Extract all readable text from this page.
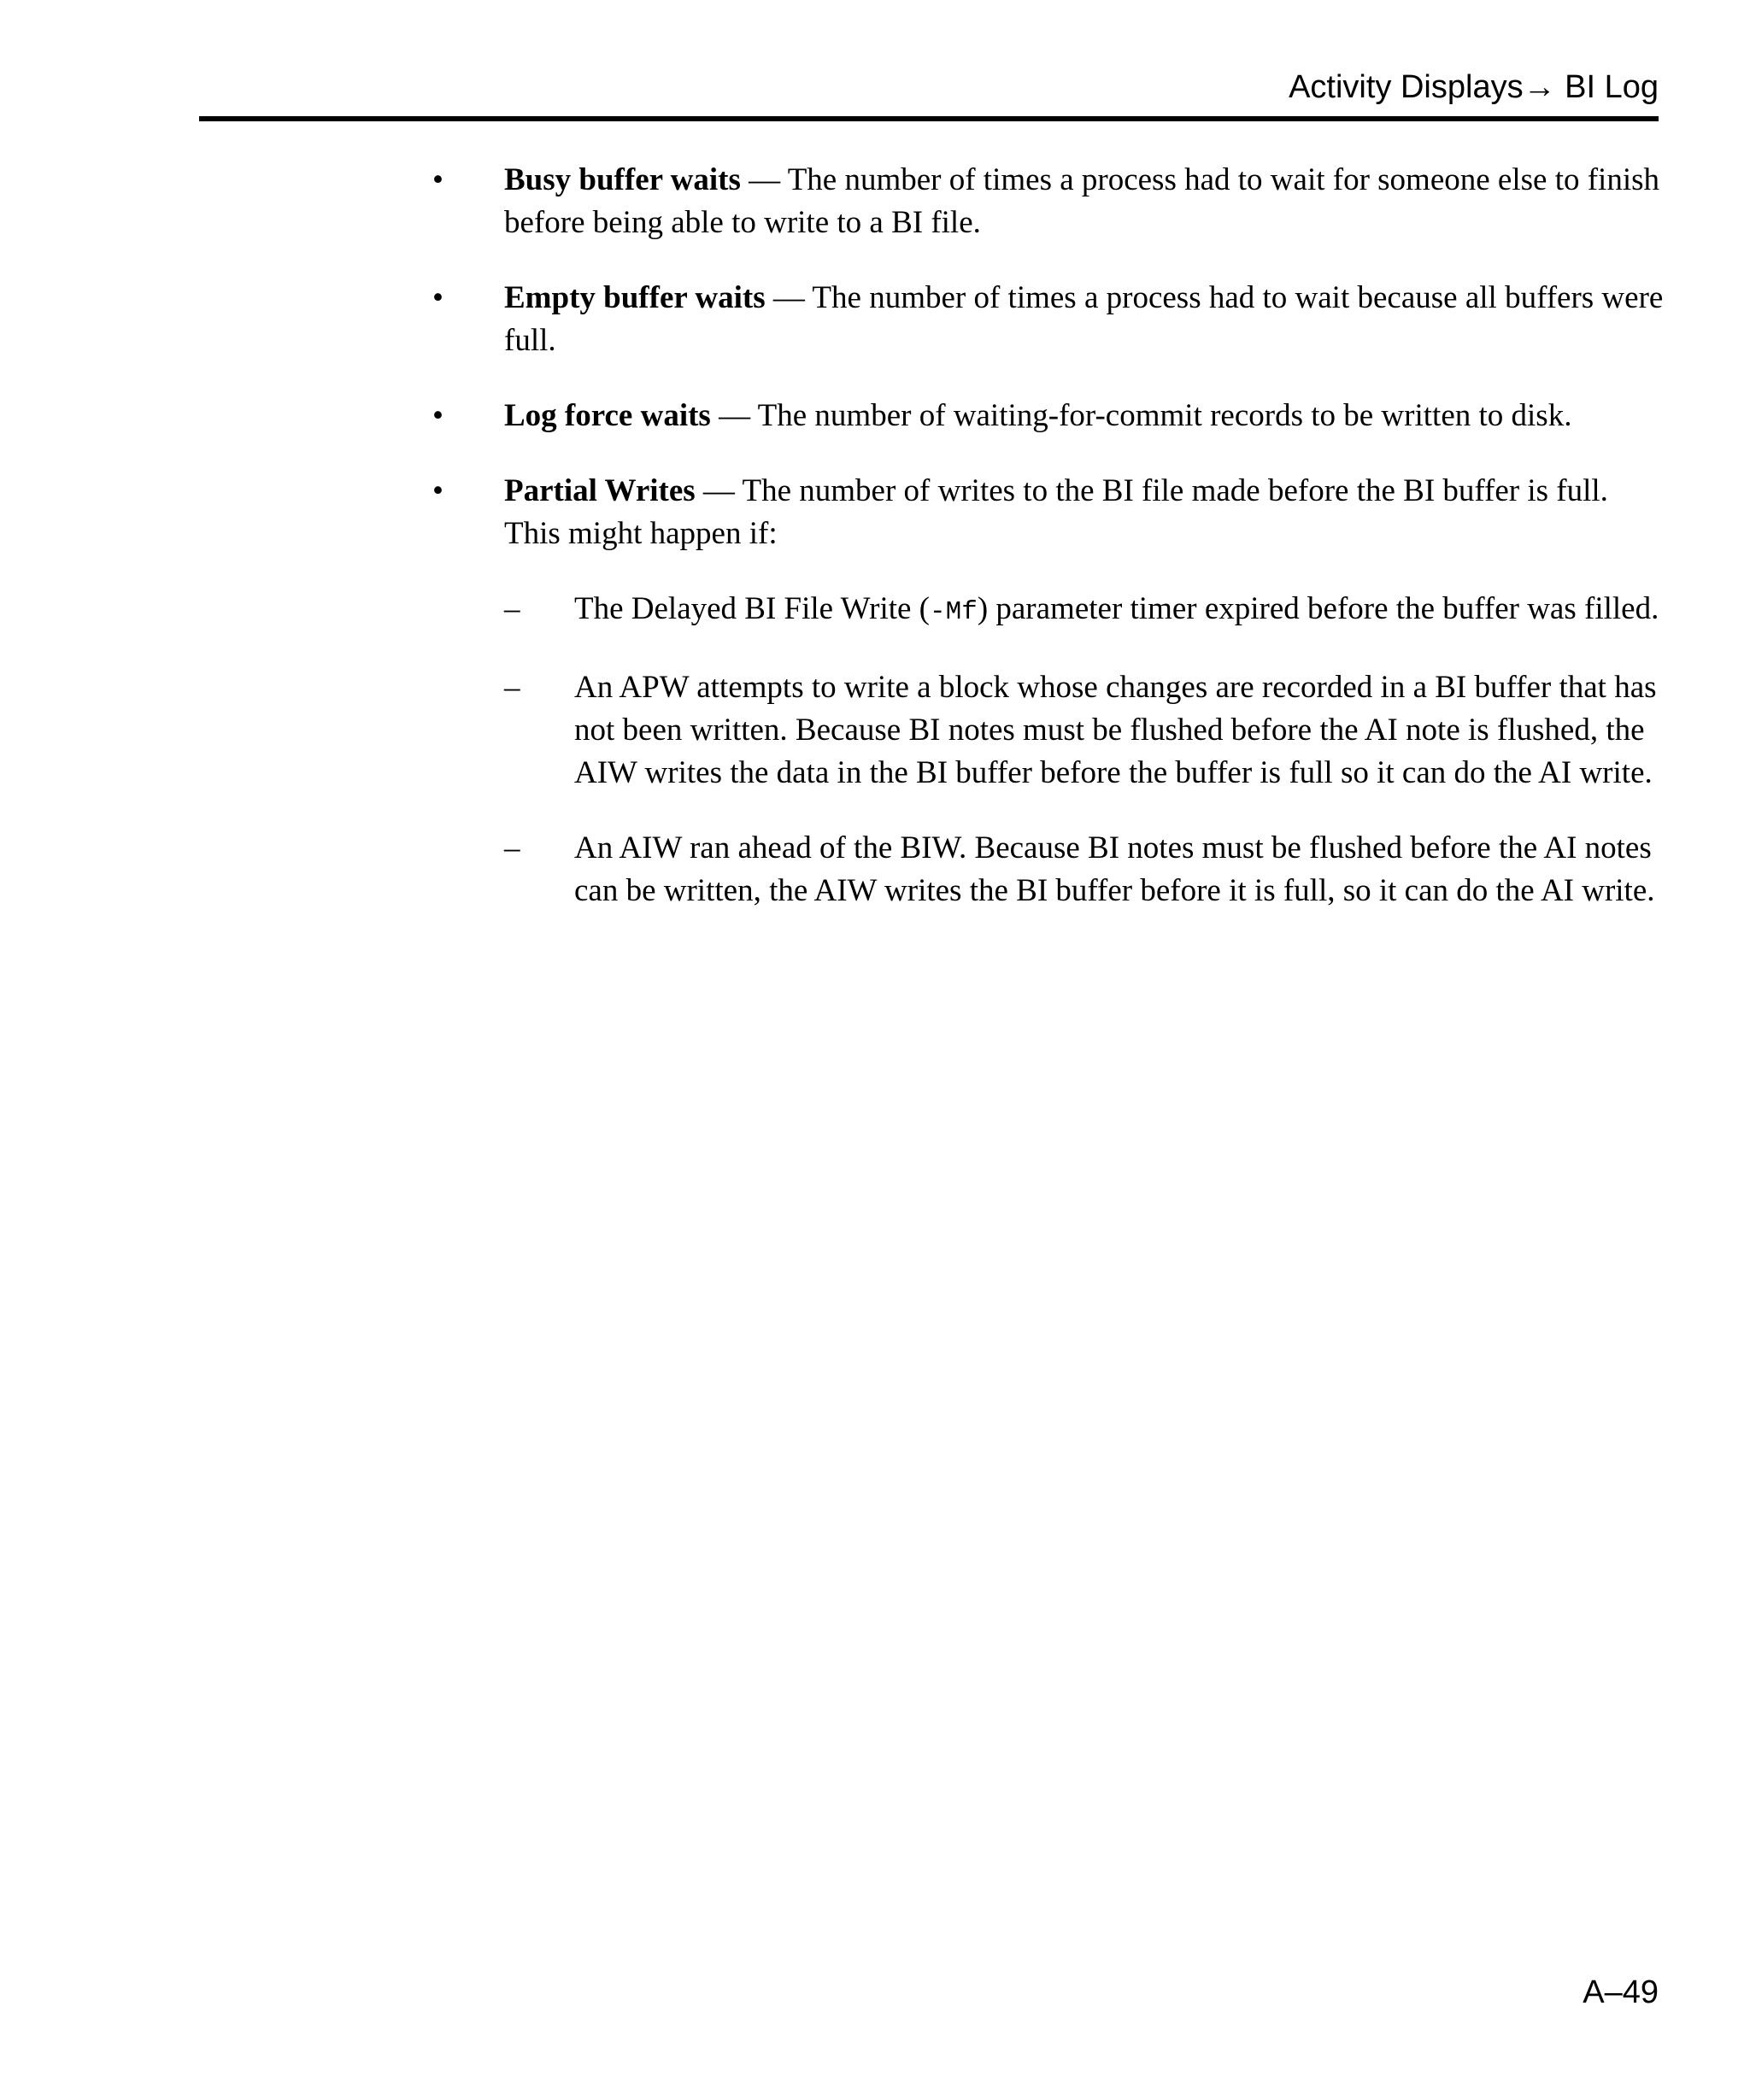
Activity Displays→ BI Log
•	Busy buffer waits — The number of times a process had to wait for someone else to finish before being able to write to a BI file.
•	Empty buffer waits — The number of times a process had to wait because all buffers were full.
•	Log force waits — The number of waiting-for-commit records to be written to disk.
•	Partial Writes — The number of writes to the BI file made before the BI buffer is full. This might happen if:
–	The Delayed BI File Write (-Mf) parameter timer expired before the buffer was filled.
–	An APW attempts to write a block whose changes are recorded in a BI buffer that has not been written. Because BI notes must be flushed before the AI note is flushed, the AIW writes the data in the BI buffer before the buffer is full so it can do the AI write.
–	An AIW ran ahead of the BIW. Because BI notes must be flushed before the AI notes can be written, the AIW writes the BI buffer before it is full, so it can do the AI write.
A–49
